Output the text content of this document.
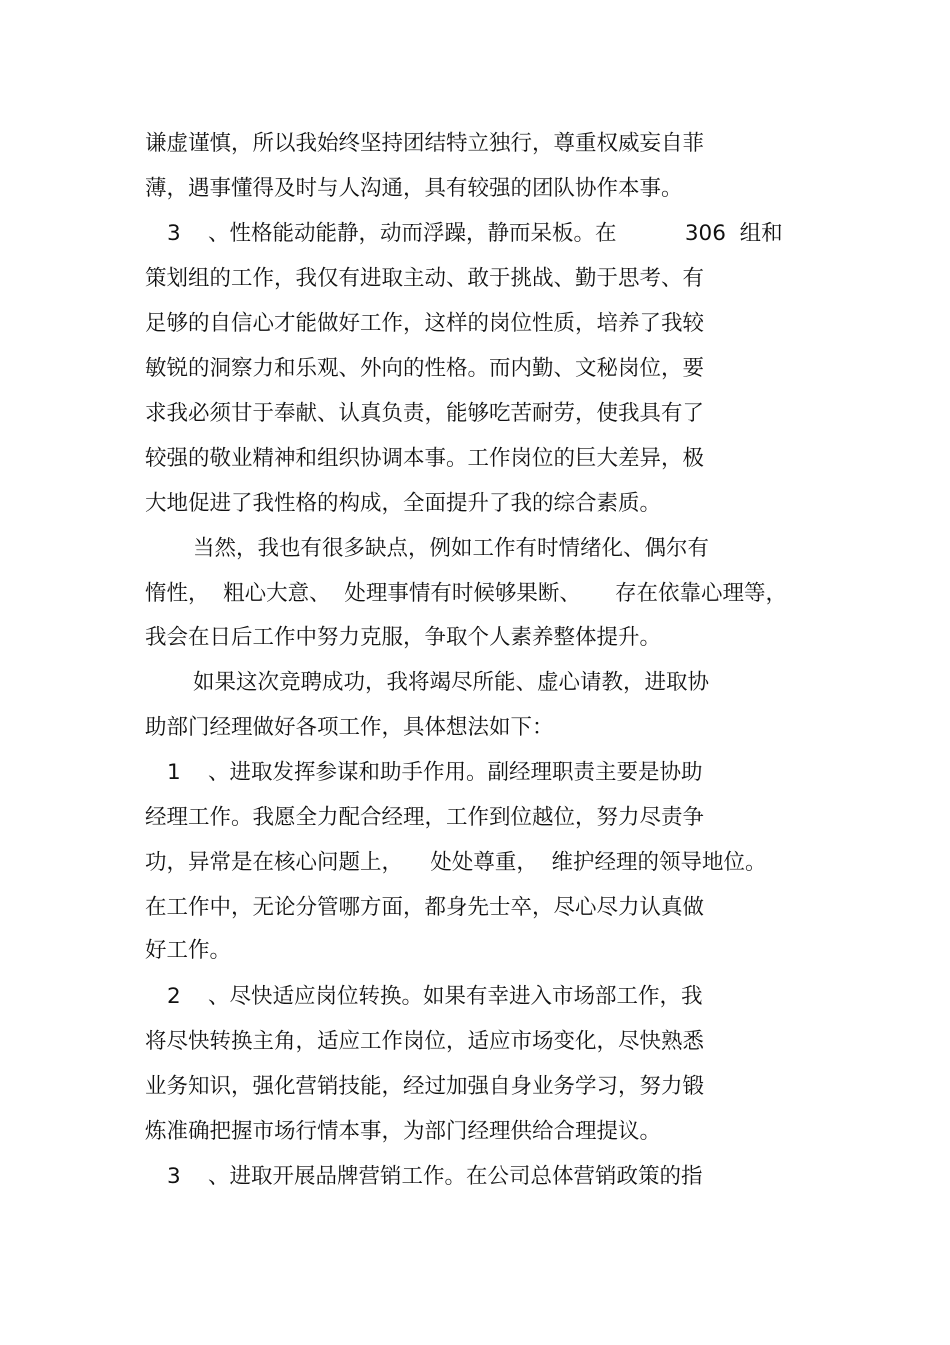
谦虚谨慎，所以我始终坚持团结特立独行，尊重权威妄自菲
薄，遇事懂得及时与人沟通，具有较强的团队协作本事。
3    、性格能动能静，动而浮躁，静而呆板。在          306  组和
策划组的工作，我仅有进取主动、敢于挑战、勤于思考、有
足够的自信心才能做好工作，这样的岗位性质，培养了我较
敏锐的洞察力和乐观、外向的性格。而内勤、文秘岗位，要
求我必须甘于奉献、认真负责，能够吃苦耐劳，使我具有了
较强的敬业精神和组织协调本事。工作岗位的巨大差异，极
大地促进了我性格的构成，全面提升了我的综合素质。
当然，我也有很多缺点，例如工作有时情绪化、偶尔有
惰性，  粗心大意、  处理事情有时候够果断、     存在依靠心理等，
我会在日后工作中努力克服，争取个人素养整体提升。
如果这次竞聘成功，我将竭尽所能、虚心请教，进取协
助部门经理做好各项工作，具体想法如下：
1    、进取发挥参谋和助手作用。副经理职责主要是协助
经理工作。我愿全力配合经理，工作到位越位，努力尽责争
功，异常是在核心问题上，    处处尊重，  维护经理的领导地位。
在工作中，无论分管哪方面，都身先士卒，尽心尽力认真做
好工作。
2    、尽快适应岗位转换。如果有幸进入市场部工作，我
将尽快转换主角，适应工作岗位，适应市场变化，尽快熟悉
业务知识，强化营销技能，经过加强自身业务学习，努力锻
炼准确把握市场行情本事，为部门经理供给合理提议。
3    、进取开展品牌营销工作。在公司总体营销政策的指
